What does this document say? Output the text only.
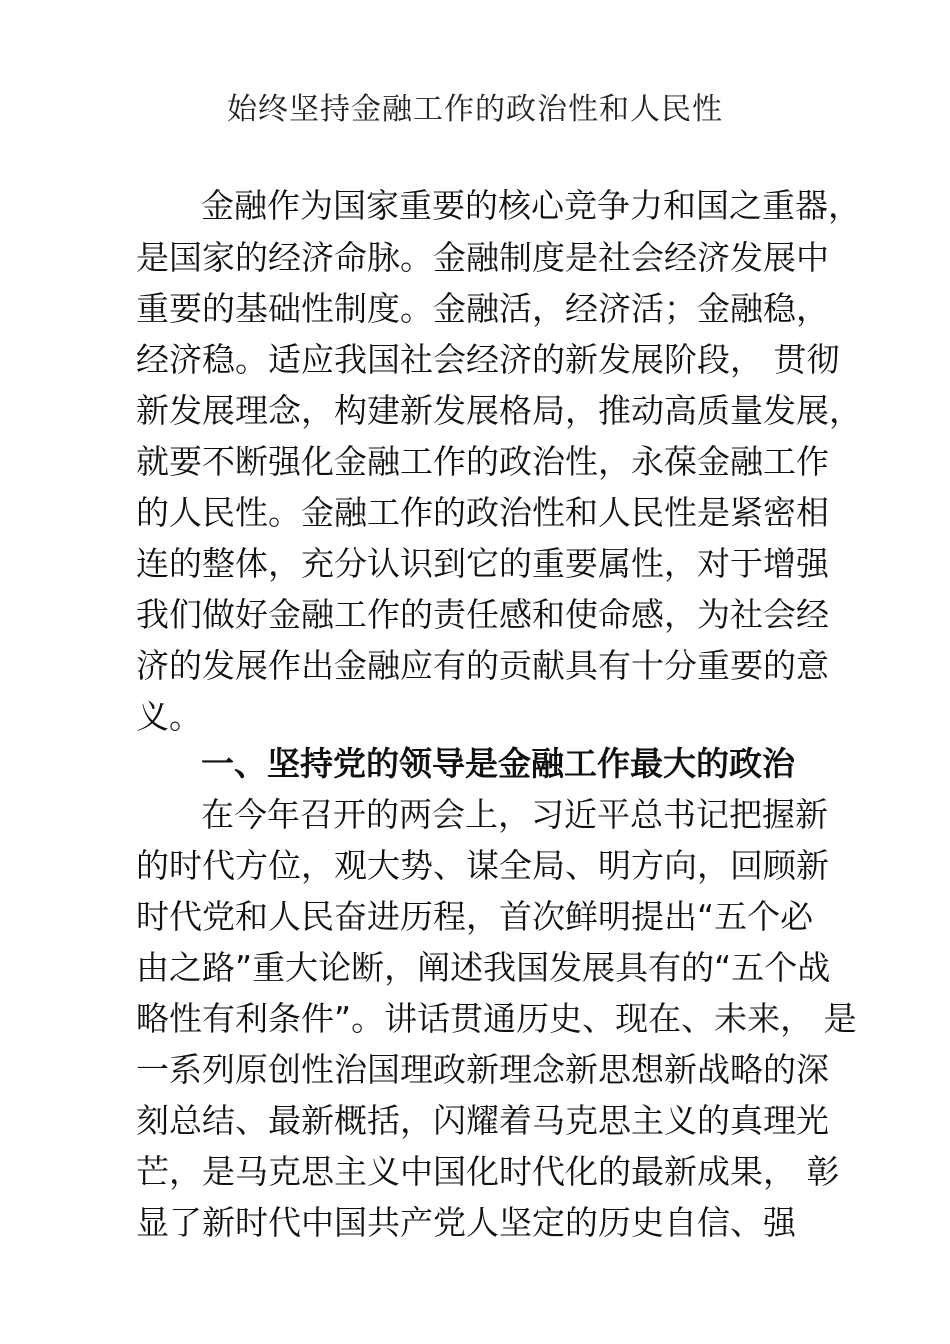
始终坚持金融工作的政治性和人民性
金融作为国家重要的核心竞争力和国之重器，
是国家的经济命脉。金融制度是社会经济发展中
重要的基础性制度。金融活，经济活；金融稳，
经济稳。适应我国社会经济的新发展阶段， 贯彻
新发展理念，构建新发展格局，推动高质量发展，
就要不断强化金融工作的政治性，永葆金融工作
的人民性。金融工作的政治性和人民性是紧密相
连的整体，充分认识到它的重要属性，对于增强
我们做好金融工作的责任感和使命感，为社会经
济的发展作出金融应有的贡献具有十分重要的意
义。
一、坚持党的领导是金融工作最大的政治
在今年召开的两会上，习近平总书记把握新
的时代方位，观大势、谋全局、明方向，回顾新
时代党和人民奋进历程，首次鲜明提出“五个必
由之路”重大论断，阐述我国发展具有的“五个战
略性有利条件”。讲话贯通历史、现在、未来， 是
一系列原创性治国理政新理念新思想新战略的深
刻总结、最新概括，闪耀着马克思主义的真理光
芒，是马克思主义中国化时代化的最新成果， 彰
显了新时代中国共产党人坚定的历史自信、强
